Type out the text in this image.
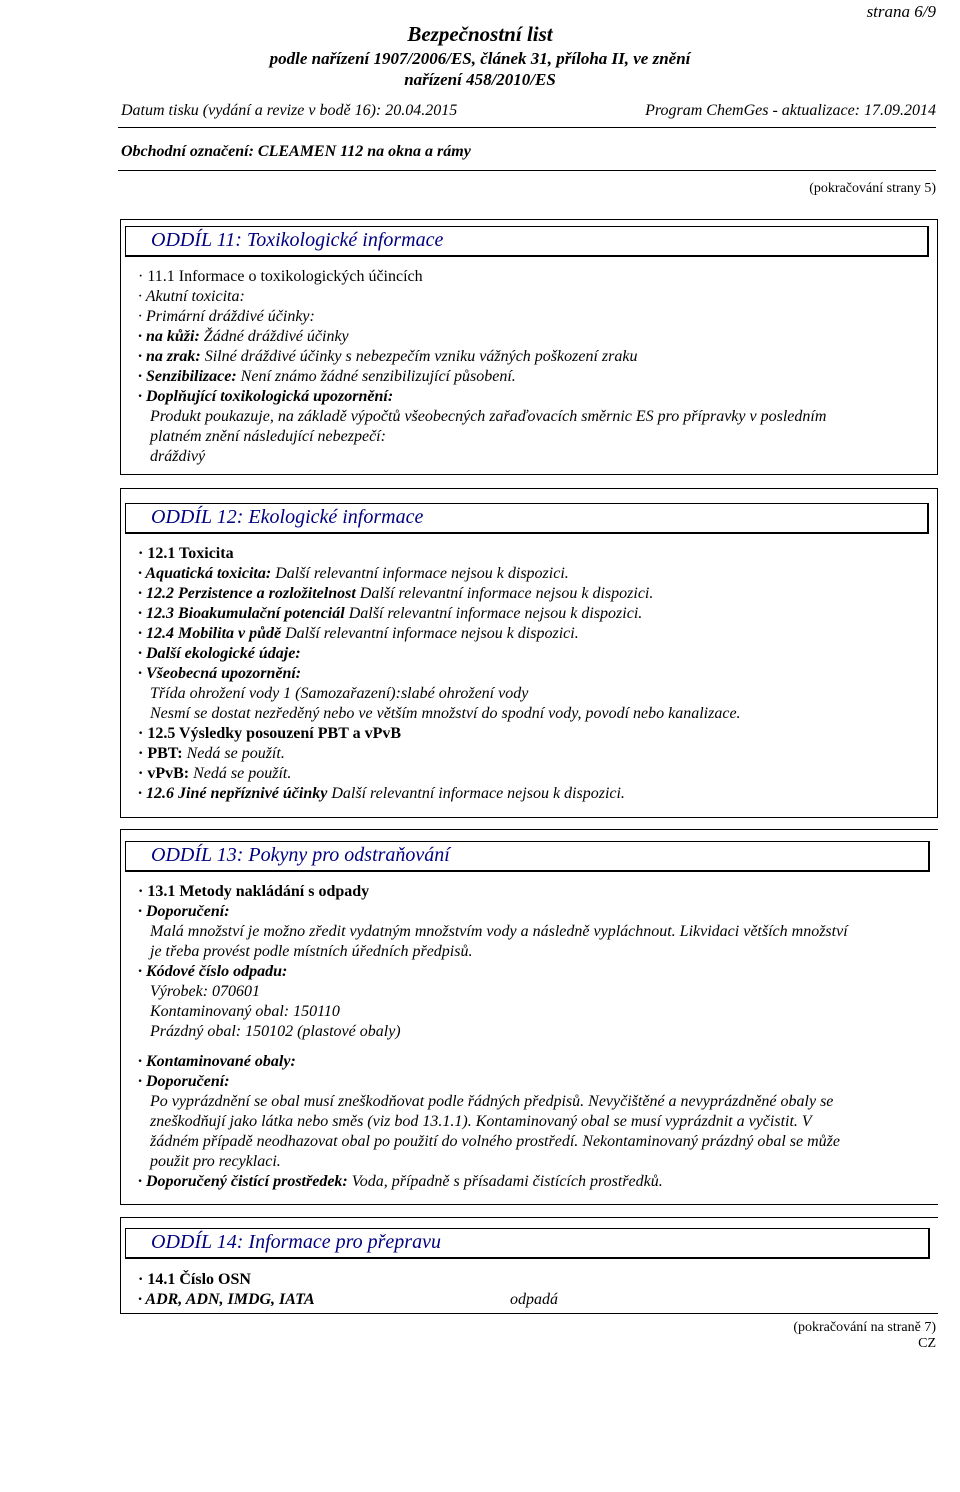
strana 6/9
Bezpečnostní list
podle nařízení 1907/2006/ES, článek 31, příloha II, ve znění
nařízení 458/2010/ES
Datum tisku (vydání a revize v bodě 16): 20.04.2015	Program ChemGes - aktualizace: 17.09.2014
Obchodní označení: CLEAMEN 112 na okna a rámy
(pokračování strany 5)
ODDÍL 11: Toxikologické informace
· 11.1 Informace o toxikologických účincích
· Akutní toxicita:
· Primární dráždivé účinky:
· na kůži: Žádné dráždivé účinky
· na zrak: Silné dráždivé účinky s nebezpečím vzniku vážných poškození zraku
· Senzibilizace: Není známo žádné senzibilizující působení.
· Doplňující toxikologická upozornění:
Produkt poukazuje, na základě výpočtů všeobecných zařaďovacích směrnic ES pro přípravky v posledním
platném znění následující nebezpečí:
dráždivý
ODDÍL 12: Ekologické informace
· 12.1 Toxicita
· Aquatická toxicita: Další relevantní informace nejsou k dispozici.
· 12.2 Perzistence a rozložitelnost Další relevantní informace nejsou k dispozici.
· 12.3 Bioakumulační potenciál Další relevantní informace nejsou k dispozici.
· 12.4 Mobilita v půdě Další relevantní informace nejsou k dispozici.
· Další ekologické údaje:
· Všeobecná upozornění:
Třída ohrožení vody 1 (Samozařazení):slabé ohrožení vody
Nesmí se dostat nezředěný nebo ve větším množství do spodní vody, povodí nebo kanalizace.
· 12.5 Výsledky posouzení PBT a vPvB
· PBT: Nedá se použít.
· vPvB: Nedá se použít.
· 12.6 Jiné nepříznivé účinky Další relevantní informace nejsou k dispozici.
ODDÍL 13: Pokyny pro odstraňování
· 13.1 Metody nakládání s odpady
· Doporučení:
Malá množství je možno zředit vydatným množstvím vody a následně vypláchnout. Likvidaci větších množství
je třeba provést podle místních úředních předpisů.
· Kódové číslo odpadu:
Výrobek: 070601
Kontaminovaný obal: 150110
Prázdný obal: 150102 (plastové obaly)
· Kontaminované obaly:
· Doporučení:
Po vyprázdnění se obal musí zneškodňovat podle řádných předpisů. Nevyčištěné a nevyprázdněné obaly se
zneškodňují jako látka nebo směs (viz bod 13.1.1). Kontaminovaný obal se musí vyprázdnit a vyčistit. V
žádném případě neodhazovat obal po použití do volného prostředí. Nekontaminovaný prázdný obal se může
použit pro recyklaci.
· Doporučený čistící prostředek: Voda, případně s přísadami čistících prostředků.
ODDÍL 14: Informace pro přepravu
· 14.1 Číslo OSN
· ADR, ADN, IMDG, IATA	odpadá
(pokračování na straně 7)
CZ
